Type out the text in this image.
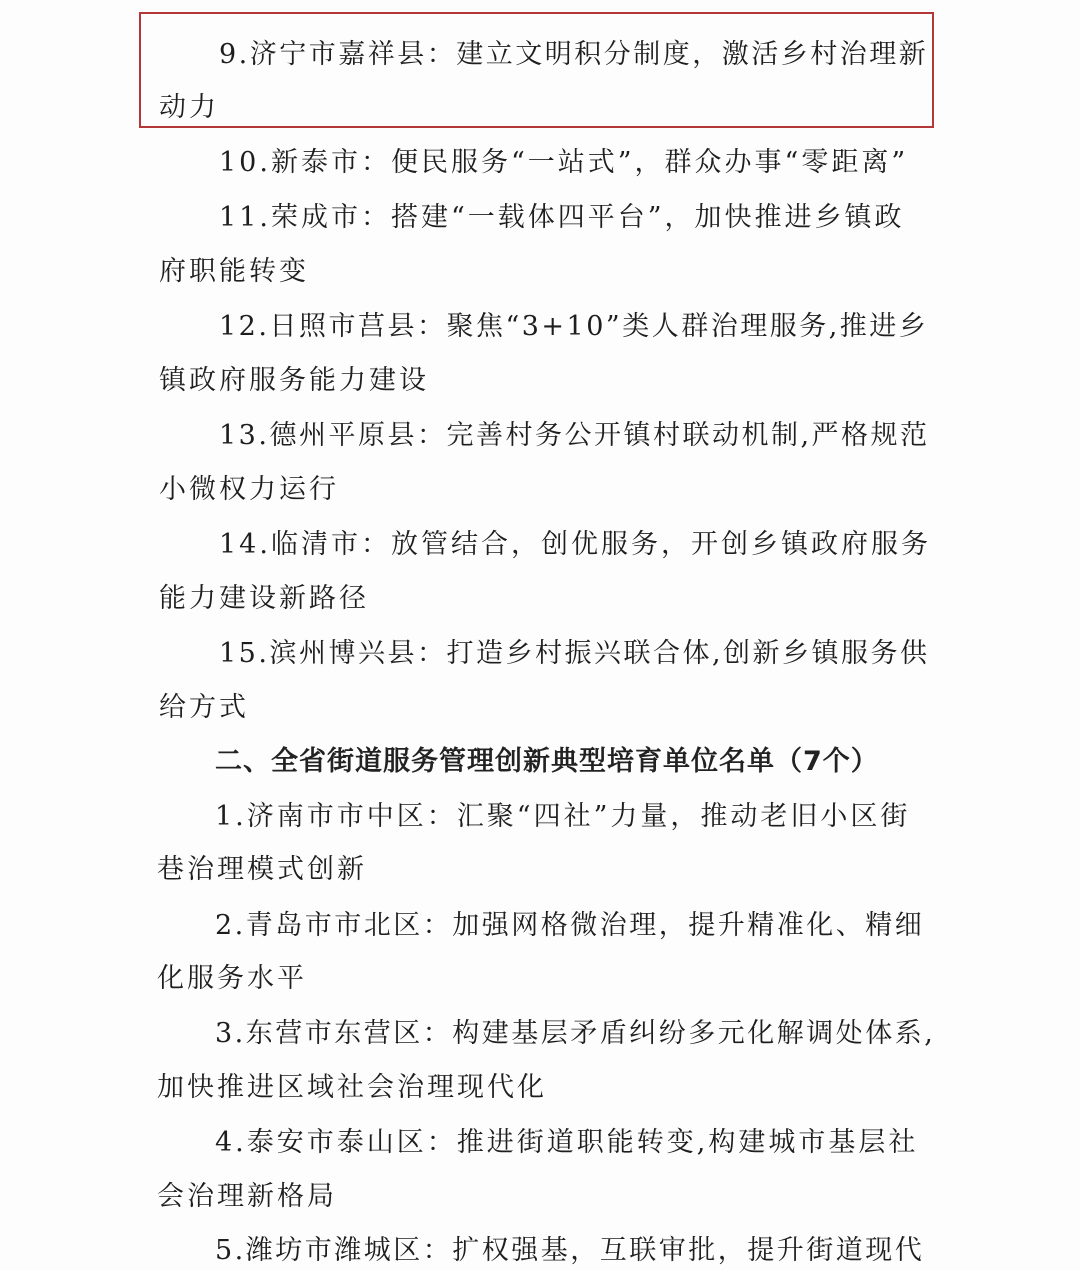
9.济宁市嘉祥县：建立文明积分制度，激活乡村治理新
动力
10.新泰市：便民服务“一站式”，群众办事“零距离”
11.荣成市：搭建“一载体四平台”，加快推进乡镇政
府职能转变
12.日照市莒县：聚焦“3+10”类人群治理服务,推进乡
镇政府服务能力建设
13.德州平原县：完善村务公开镇村联动机制,严格规范
小微权力运行
14.临清市：放管结合，创优服务，开创乡镇政府服务
能力建设新路径
15.滨州博兴县：打造乡村振兴联合体,创新乡镇服务供
给方式
二、全省街道服务管理创新典型培育单位名单（7个）
1.济南市市中区：汇聚“四社”力量，推动老旧小区街
巷治理模式创新
2.青岛市市北区：加强网格微治理，提升精准化、精细
化服务水平
3.东营市东营区：构建基层矛盾纠纷多元化解调处体系,
加快推进区域社会治理现代化
4.泰安市泰山区：推进街道职能转变,构建城市基层社
会治理新格局
5.潍坊市潍城区：扩权强基，互联审批，提升街道现代
